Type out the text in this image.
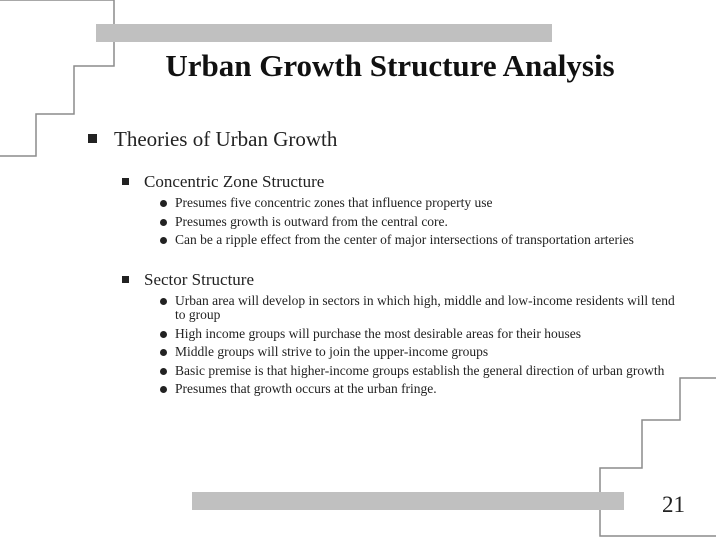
Urban Growth Structure Analysis
Theories of Urban Growth
Concentric Zone Structure
Presumes five concentric zones that influence property use
Presumes growth is outward from the central core.
Can be a ripple effect from the center of major intersections of transportation arteries
Sector Structure
Urban area will develop in sectors in which high, middle and low-income residents will tend to group
High income groups will purchase the most desirable areas for their houses
Middle groups will strive to join the upper-income groups
Basic premise is that higher-income groups establish the general direction of urban growth
Presumes that growth occurs at the urban fringe.
21
